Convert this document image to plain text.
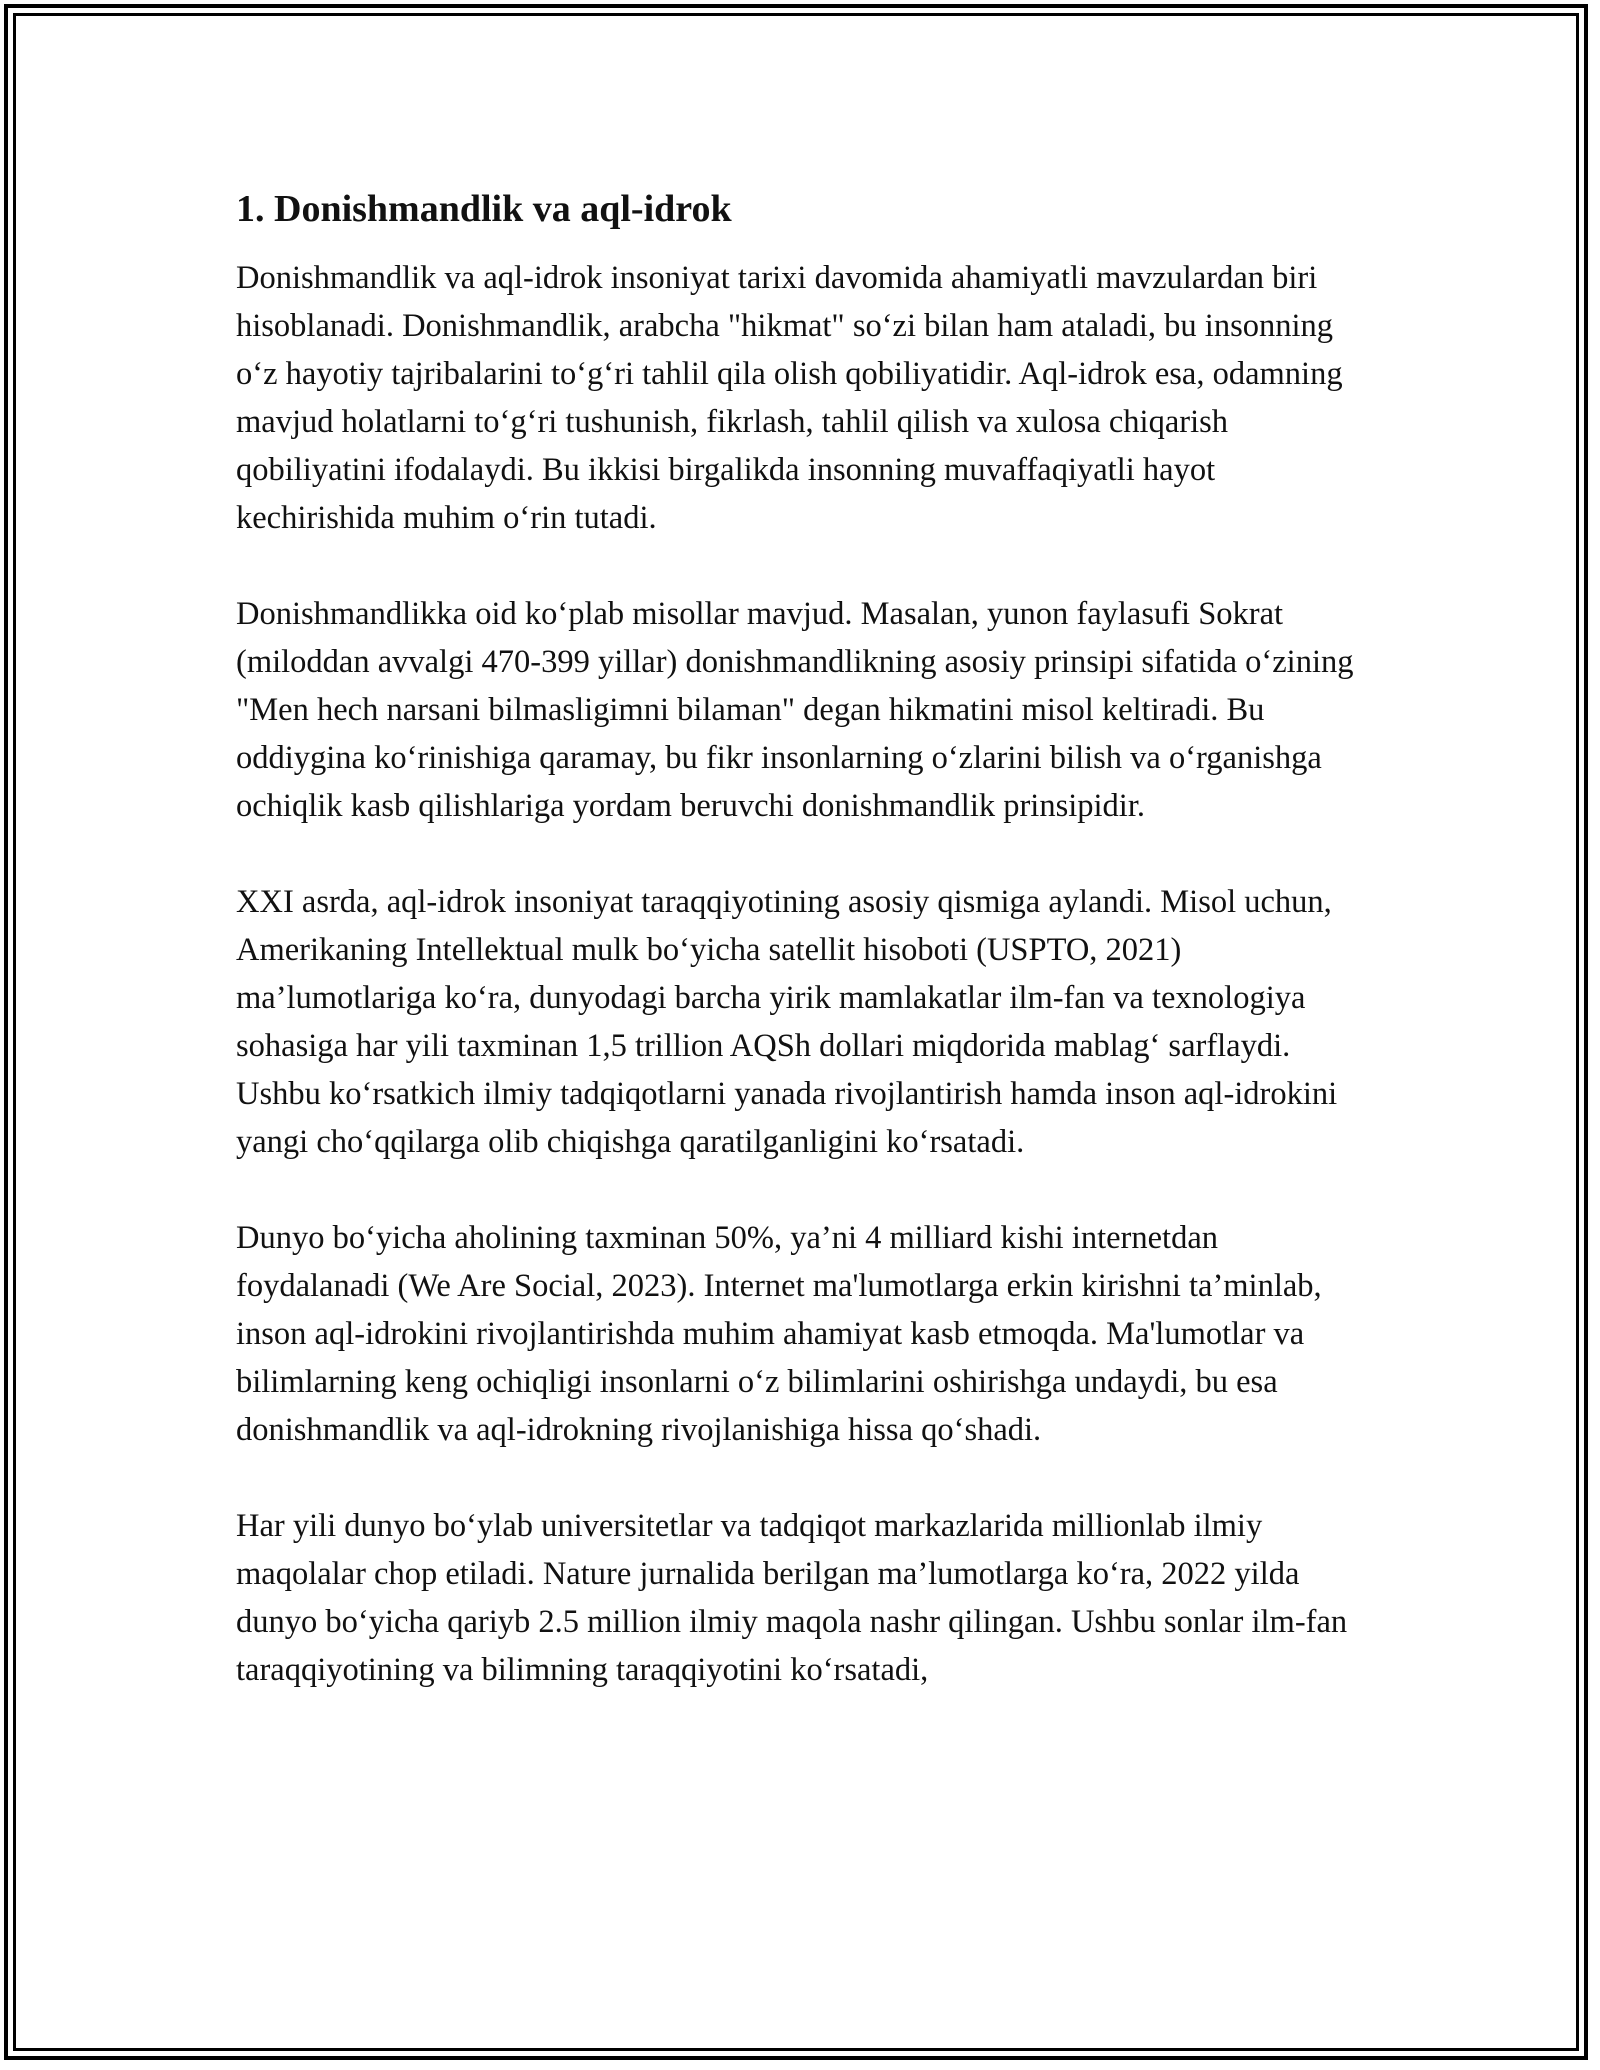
1. Donishmandlik va aql-idrok

Donishmandlik va aql-idrok insoniyat tarixi davomida ahamiyatli mavzulardan biri hisoblanadi. Donishmandlik, arabcha "hikmat" so‘zi bilan ham ataladi, bu insonning o‘z hayotiy tajribalarini to‘g‘ri tahlil qila olish qobiliyatidir. Aql-idrok esa, odamning mavjud holatlarni to‘g‘ri tushunish, fikrlash, tahlil qilish va xulosa chiqarish qobiliyatini ifodalaydi. Bu ikkisi birgalikda insonning muvaffaqiyatli hayot kechirishida muhim o‘rin tutadi.

Donishmandlikka oid ko‘plab misollar mavjud. Masalan, yunon faylasufi Sokrat (miloddan avvalgi 470-399 yillar) donishmandlikning asosiy prinsipi sifatida o‘zining "Men hech narsani bilmasligimni bilaman" degan hikmatini misol keltiradi. Bu oddiygina ko‘rinishiga qaramay, bu fikr insonlarning o‘zlarini bilish va o‘rganishga ochiqlik kasb qilishlariga yordam beruvchi donishmandlik prinsipidir.

XXI asrda, aql-idrok insoniyat taraqqiyotining asosiy qismiga aylandi. Misol uchun, Amerikaning Intellektual mulk bo‘yicha satellit hisoboti (USPTO, 2021) ma’lumotlariga ko‘ra, dunyodagi barcha yirik mamlakatlar ilm-fan va texnologiya sohasiga har yili taxminan 1,5 trillion AQSh dollari miqdorida mablag‘ sarflaydi. Ushbu ko‘rsatkich ilmiy tadqiqotlarni yanada rivojlantirish hamda inson aql-idrokini yangi cho‘qqilarga olib chiqishga qaratilganligini ko‘rsatadi.

Dunyo bo‘yicha aholining taxminan 50%, ya’ni 4 milliard kishi internetdan foydalanadi (We Are Social, 2023). Internet ma'lumotlarga erkin kirishni ta’minlab, inson aql-idrokini rivojlantirishda muhim ahamiyat kasb etmoqda. Ma'lumotlar va bilimlarning keng ochiqligi insonlarni o‘z bilimlarini oshirishga undaydi, bu esa donishmandlik va aql-idrokning rivojlanishiga hissa qo‘shadi.

Har yili dunyo bo‘ylab universitetlar va tadqiqot markazlarida millionlab ilmiy maqolalar chop etiladi. Nature jurnalida berilgan ma’lumotlarga ko‘ra, 2022 yilda dunyo bo‘yicha qariyb 2.5 million ilmiy maqola nashr qilingan. Ushbu sonlar ilm-fan taraqqiyotining va bilimning taraqqiyotini ko‘rsatadi,
